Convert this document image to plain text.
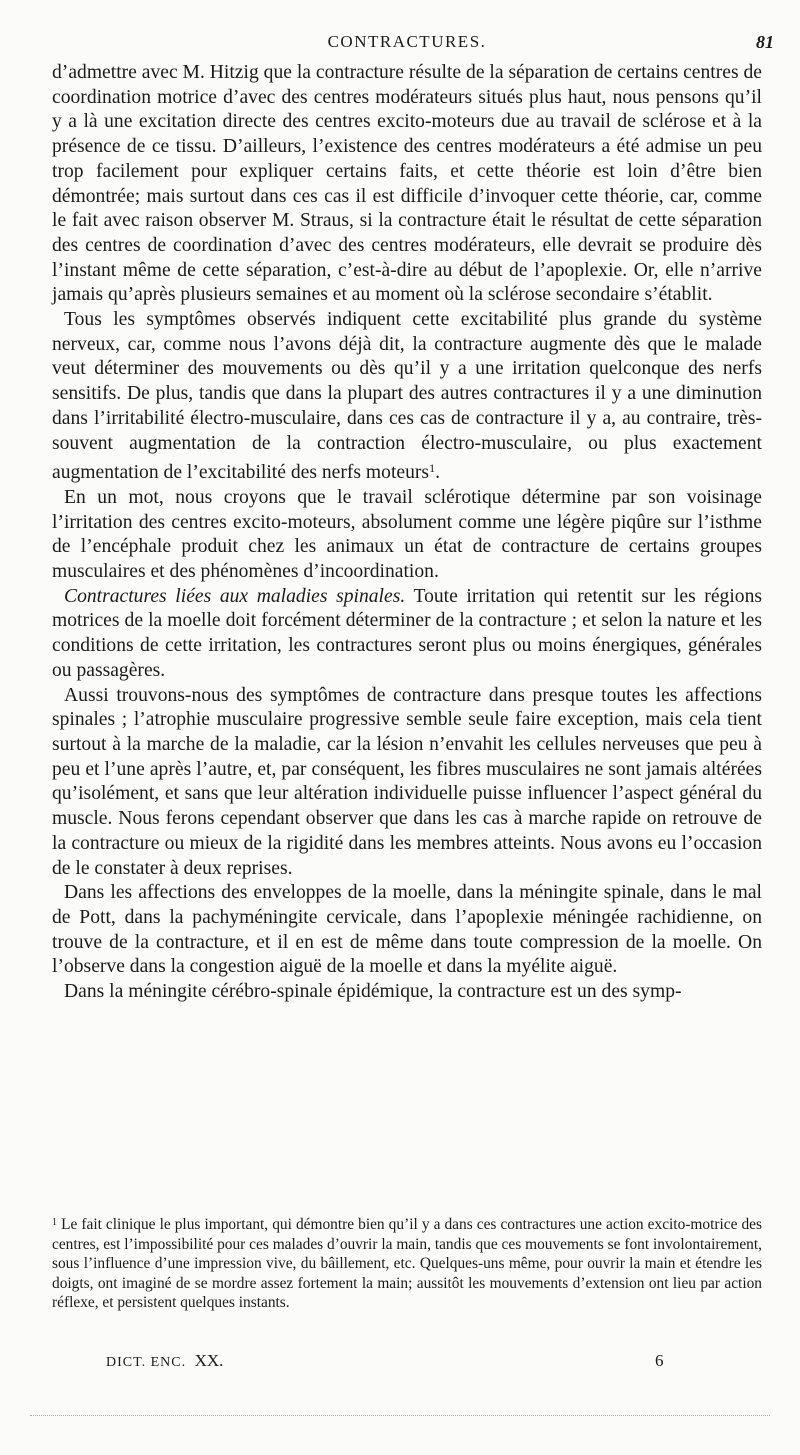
CONTRACTURES.	81

d’admettre avec M. Hitzig que la contracture résulte de la séparation de certains centres de coordination motrice d’avec des centres modérateurs situés plus haut, nous pensons qu’il y a là une excitation directe des centres excito-moteurs due au travail de sclérose et à la présence de ce tissu. D’ailleurs, l’existence des centres modérateurs a été admise un peu trop facilement pour expliquer certains faits, et cette théorie est loin d’être bien démontrée; mais surtout dans ces cas il est difficile d’invoquer cette théorie, car, comme le fait avec raison observer M. Straus, si la contracture était le résultat de cette séparation des centres de coordination d’avec des centres modérateurs, elle devrait se produire dès l’instant même de cette séparation, c’est-à-dire au début de l’apoplexie. Or, elle n’arrive jamais qu’après plusieurs semaines et au moment où la sclérose secondaire s’établit.

Tous les symptômes observés indiquent cette excitabilité plus grande du système nerveux, car, comme nous l’avons déjà dit, la contracture augmente dès que le malade veut déterminer des mouvements ou dès qu’il y a une irritation quelconque des nerfs sensitifs. De plus, tandis que dans la plupart des autres contractures il y a une diminution dans l’irritabilité électro-musculaire, dans ces cas de contracture il y a, au contraire, très-souvent augmentation de la contraction électro-musculaire, ou plus exactement augmentation de l’excitabilité des nerfs moteurs$^1$.

En un mot, nous croyons que le travail sclérotique détermine par son voisinage l’irritation des centres excito-moteurs, absolument comme une légère piqûre sur l’isthme de l’encéphale produit chez les animaux un état de contracture de certains groupes musculaires et des phénomènes d’incoordination.

Contractures liées aux maladies spinales. Toute irritation qui retentit sur les régions motrices de la moelle doit forcément déterminer de la contracture ; et selon la nature et les conditions de cette irritation, les contractures seront plus ou moins énergiques, générales ou passagères.

Aussi trouvons-nous des symptômes de contracture dans presque toutes les affections spinales ; l’atrophie musculaire progressive semble seule faire exception, mais cela tient surtout à la marche de la maladie, car la lésion n’envahit les cellules nerveuses que peu à peu et l’une après l’autre, et, par conséquent, les fibres musculaires ne sont jamais altérées qu’isolément, et sans que leur altération individuelle puisse influencer l’aspect général du muscle. Nous ferons cependant observer que dans les cas à marche rapide on retrouve de la contracture ou mieux de la rigidité dans les membres atteints. Nous avons eu l’occasion de le constater à deux reprises.

Dans les affections des enveloppes de la moelle, dans la méningite spinale, dans le mal de Pott, dans la pachyméningite cervicale, dans l’apoplexie méningée rachidienne, on trouve de la contracture, et il en est de même dans toute compression de la moelle. On l’observe dans la congestion aiguë de la moelle et dans la myélite aiguë.

Dans la méningite cérébro-spinale épidémique, la contracture est un des symp-

$^1$ Le fait clinique le plus important, qui démontre bien qu’il y a dans ces contractures une action excito-motrice des centres, est l’impossibilité pour ces malades d’ouvrir la main, tandis que ces mouvements se font involontairement, sous l’influence d’une impression vive, du bâillement, etc. Quelques-uns même, pour ouvrir la main et étendre les doigts, ont imaginé de se mordre assez fortement la main; aussitôt les mouvements d’extension ont lieu par action réflexe, et persistent quelques instants.
DICT. ENC. XX.	6
